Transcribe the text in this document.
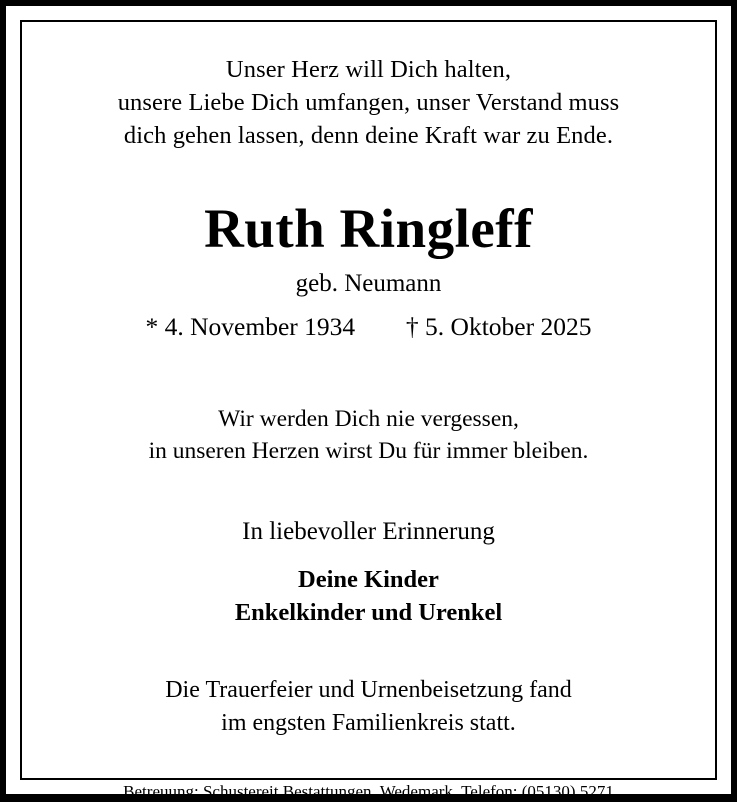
Unser Herz will Dich halten,
unsere Liebe Dich umfangen, unser Verstand muss
dich gehen lassen, denn deine Kraft war zu Ende.
Ruth Ringleff
geb. Neumann
* 4. November 1934 † 5. Oktober 2025
Wir werden Dich nie vergessen,
in unseren Herzen wirst Du für immer bleiben.
In liebevoller Erinnerung
Deine Kinder
Enkelkinder und Urenkel
Die Trauerfeier und Urnenbeisetzung fand
im engsten Familienkreis statt.
Betreuung: Schustereit Bestattungen, Wedemark, Telefon: (05130) 5271
